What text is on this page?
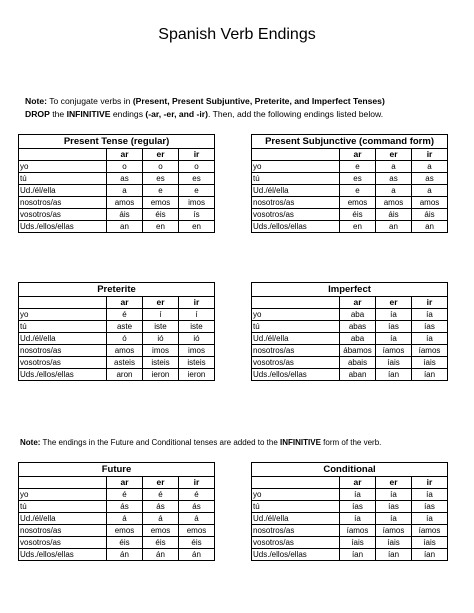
Spanish Verb Endings
Note: To conjugate verbs in (Present, Present Subjuntive, Preterite, and Imperfect Tenses)
DROP the INFINITIVE endings (-ar, -er, and -ir). Then, add the following endings listed below.
Note: The endings in the Future and Conditional tenses are added to the INFINITIVE form of the verb.
Present Tense (regular)			
	ar	er	ir
yo	o	o	o
tú	as	es	es
Ud./él/ella	a	e	e
nosotros/as	amos	emos	imos
vosotros/as	áis	éis	ís
Uds./ellos/ellas	an	en	en
Present Subjunctive (command form)			
	ar	er	ir
yo	e	a	a
tú	es	as	as
Ud./él/ella	e	a	a
nosotros/as	emos	amos	amos
vosotros/as	éis	áis	áis
Uds./ellos/ellas	en	an	an
Preterite			
	ar	er	ir
yo	é	í	í
tú	aste	iste	iste
Ud./él/ella	ó	ió	ió
nosotros/as	amos	imos	imos
vosotros/as	asteis	isteis	isteis
Uds./ellos/ellas	aron	ieron	ieron
Imperfect			
	ar	er	ir
yo	aba	ía	ía
tú	abas	ías	ías
Ud./él/ella	aba	ía	ía
nosotros/as	ábamos	íamos	íamos
vosotros/as	abais	íais	íais
Uds./ellos/ellas	aban	ían	ían
Future			
	ar	er	ir
yo	é	é	é
tú	ás	ás	ás
Ud./él/ella	á	á	á
nosotros/as	emos	emos	emos
vosotros/as	éis	éis	éis
Uds./ellos/ellas	án	án	án
Conditional			
	ar	er	ir
yo	ía	ía	ía
tú	ías	ías	ías
Ud./él/ella	ía	ía	ía
nosotros/as	íamos	íamos	íamos
vosotros/as	íais	íais	íais
Uds./ellos/ellas	ían	ían	ían
